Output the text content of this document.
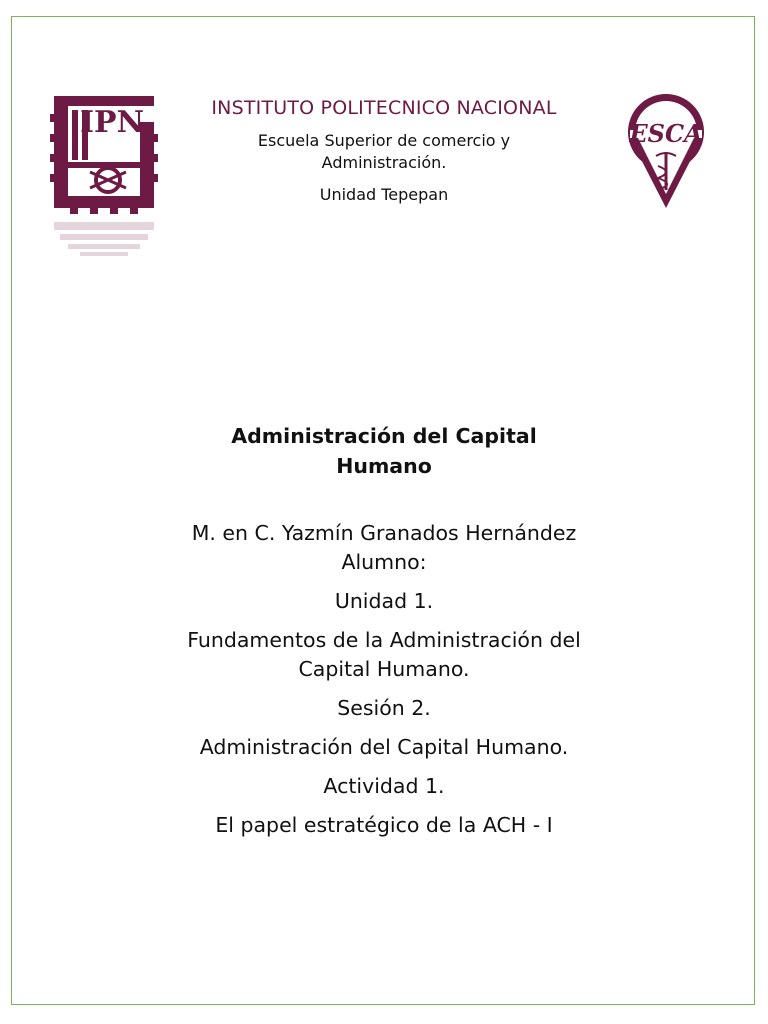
IPN	INSTITUTO POLITECNICO NACIONAL
Escuela Superior de comercio y
Administración.
Unidad Tepepan
ESCA
Administración del Capital Humano
M. en C. Yazmín Granados Hernández
Alumno:
Unidad 1.
Fundamentos de la Administración del Capital Humano.
Sesión 2.
Administración del Capital Humano.
Actividad 1.
El papel estratégico de la ACH - I
